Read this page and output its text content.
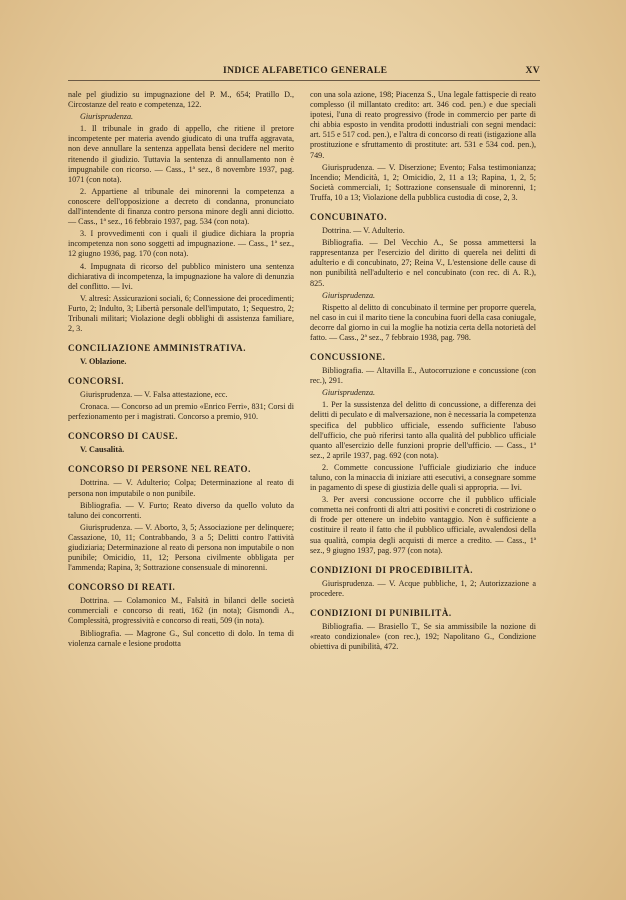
INDICE ALFABETICO GENERALE	XV

nale pel giudizio su impugnazione del P. M., 654; Pratillo D., Circostanze del reato e competenza, 122.

Giurisprudenza.

1. Il tribunale in grado di appello, che ritiene il pretore incompetente per materia avendo giudicato di una truffa aggravata, non deve annullare la sentenza appellata bensì decidere nel merito ritenendo il giudizio. Tuttavia la sentenza di annullamento non è impugnabile con ricorso. — Cass., 1ª sez., 8 novembre 1937, pag. 1071 (con nota).

2. Appartiene al tribunale dei minorenni la competenza a conoscere dell'opposizione a decreto di condanna, pronunciato dall'intendente di finanza contro persona minore degli anni diciotto. — Cass., 1ª sez., 16 febbraio 1937, pag. 534 (con nota).

3. I provvedimenti con i quali il giudice dichiara la propria incompetenza non sono soggetti ad impugnazione. — Cass., 1ª sez., 12 giugno 1936, pag. 170 (con nota).

4. Impugnata di ricorso del pubblico ministero una sentenza dichiarativa di incompetenza, la impugnazione ha valore di denunzia del conflitto. — Ivi.

V. altresì: Assicurazioni sociali, 6; Connessione dei procedimenti; Furto, 2; Indulto, 3; Libertà personale dell'imputato, 1; Sequestro, 2; Tribunali militari; Violazione degli obblighi di assistenza familiare, 2, 3.

CONCILIAZIONE AMMINISTRATIVA.
V. Oblazione.
CONCORSI.

Giurisprudenza. — V. Falsa attestazione, ecc.

Cronaca. — Concorso ad un premio «Enrico Ferri», 831; Corsi di perfezionamento per i magistrati. Concorso a premio, 910.

CONCORSO DI CAUSE.
V. Causalità.
CONCORSO DI PERSONE NEL REATO.

Dottrina. — V. Adulterio; Colpa; Determinazione al reato di persona non imputabile o non punibile.

Bibliografia. — V. Furto; Reato diverso da quello voluto da taluno dei concorrenti.

Giurisprudenza. — V. Aborto, 3, 5; Associazione per delinquere; Cassazione, 10, 11; Contrabbando, 3 a 5; Delitti contro l'attività giudiziaria; Determinazione al reato di persona non imputabile o non punibile; Omicidio, 11, 12; Persona civilmente obbligata per l'ammenda; Rapina, 3; Sottrazione consensuale di minorenni.

CONCORSO DI REATI.

Dottrina. — Colamonico M., Falsità in bilanci delle società commerciali e concorso di reati, 162 (in nota); Gismondi A., Complessità, progressività e concorso di reati, 509 (in nota).

Bibliografia. — Magrone G., Sul concetto di dolo. In tema di violenza carnale e lesione prodotta

con una sola azione, 198; Piacenza S., Una legale fattispecie di reato complesso (il millantato credito: art. 346 cod. pen.) e due speciali ipotesi, l'una di reato progressivo (frode in commercio per parte di chi abbia esposto in vendita prodotti industriali con segni mendaci: art. 515 e 517 cod. pen.), e l'altra di concorso di reati (istigazione alla prostituzione e sfruttamento di prostitute: art. 531 e 534 cod. pen.), 749.

Giurisprudenza. — V. Diserzione; Evento; Falsa testimonianza; Incendio; Mendicità, 1, 2; Omicidio, 2, 11 a 13; Rapina, 1, 2, 5; Società commerciali, 1; Sottrazione consensuale di minorenni, 1; Truffa, 10 a 13; Violazione della pubblica custodia di cose, 2, 3.

CONCUBINATO.

Dottrina. — V. Adulterio.

Bibliografia. — Del Vecchio A., Se possa ammettersi la rappresentanza per l'esercizio del diritto di querela nei delitti di adulterio e di concubinato, 27; Reina V., L'estensione delle cause di non punibilità nell'adulterio e nel concubinato (con rec. di A. R.), 825.

Giurisprudenza.

Rispetto al delitto di concubinato il termine per proporre querela, nel caso in cui il marito tiene la concubina fuori della casa coniugale, decorre dal giorno in cui la moglie ha notizia certa della notorietà del fatto. — Cass., 2ª sez., 7 febbraio 1938, pag. 798.

CONCUSSIONE.

Bibliografia. — Altavilla E., Autocorruzione e concussione (con rec.), 291.

Giurisprudenza.

1. Per la sussistenza del delitto di concussione, a differenza dei delitti di peculato e di malversazione, non è necessaria la competenza specifica del pubblico ufficiale, essendo sufficiente l'abuso dell'ufficio, che può riferirsi tanto alla qualità del pubblico ufficiale quanto all'esercizio delle funzioni proprie dell'ufficio. — Cass., 1ª sez., 2 aprile 1937, pag. 692 (con nota).

2. Commette concussione l'ufficiale giudiziario che induce taluno, con la minaccia di iniziare atti esecutivi, a consegnare somme in pagamento di spese di giustizia delle quali si appropria. — Ivi.

3. Per aversi concussione occorre che il pubblico ufficiale commetta nei confronti di altri atti positivi e concreti di costrizione o di frode per ottenere un indebito vantaggio. Non è sufficiente a costituire il reato il fatto che il pubblico ufficiale, avvalendosi della sua qualità, compia degli acquisti di merce a credito. — Cass., 1ª sez., 9 giugno 1937, pag. 977 (con nota).

CONDIZIONI DI PROCEDIBILITÀ.

Giurisprudenza. — V. Acque pubbliche, 1, 2; Autorizzazione a procedere.

CONDIZIONI DI PUNIBILITÀ.

Bibliografia. — Brasiello T., Se sia ammissibile la nozione di «reato condizionale» (con rec.), 192; Napolitano G., Condizione obiettiva di punibilità, 472.
